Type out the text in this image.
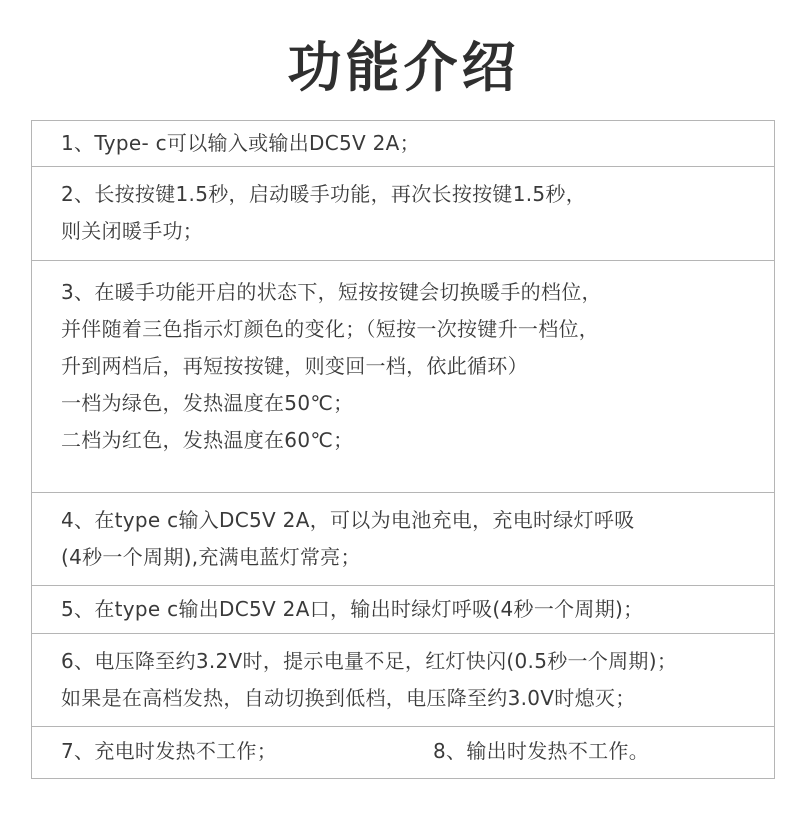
功能介绍
1、Type- c可以输入或输出DC5V 2A；
2、长按按键1.5秒，启动暖手功能，再次长按按键1.5秒，
则关闭暖手功；
3、在暖手功能开启的状态下，短按按键会切换暖手的档位，
并伴随着三色指示灯颜色的变化；（短按一次按键升一档位，
升到两档后，再短按按键，则变回一档，依此循环）
一档为绿色，发热温度在50℃；
二档为红色，发热温度在60℃；
4、在type c输入DC5V 2A，可以为电池充电，充电时绿灯呼吸
(4秒一个周期),充满电蓝灯常亮；
5、在type c输出DC5V 2A口，输出时绿灯呼吸(4秒一个周期)；
6、电压降至约3.2V时，提示电量不足，红灯快闪(0.5秒一个周期)；
如果是在高档发热，自动切换到低档，电压降至约3.0V时熄灭；
7、充电时发热不工作；	8、输出时发热不工作。
